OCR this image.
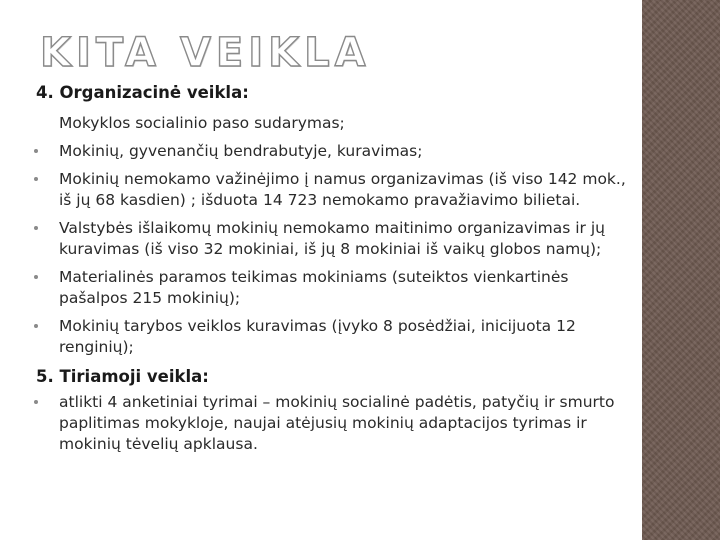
KITA VEIKLA
4. Organizacinė veikla:
Mokyklos socialinio paso sudarymas;
Mokinių, gyvenančių bendrabutyje, kuravimas;
Mokinių nemokamo važinėjimo į namus organizavimas (iš viso 142 mok., iš jų 68 kasdien) ; išduota 14 723 nemokamo pravažiavimo bilietai.
Valstybės išlaikomų mokinių nemokamo maitinimo organizavimas ir jų kuravimas (iš viso 32 mokiniai, iš jų 8 mokiniai iš vaikų globos namų);
Materialinės paramos teikimas mokiniams (suteiktos vienkartinės pašalpos 215 mokinių);
Mokinių tarybos veiklos kuravimas (įvyko 8 posėdžiai, inicijuota 12 renginių);
5. Tiriamoji veikla:
atlikti 4 anketiniai tyrimai – mokinių socialinė padėtis, patyčių ir smurto paplitimas mokykloje, naujai atėjusių mokinių adaptacijos tyrimas ir mokinių tėvelių apklausa.
